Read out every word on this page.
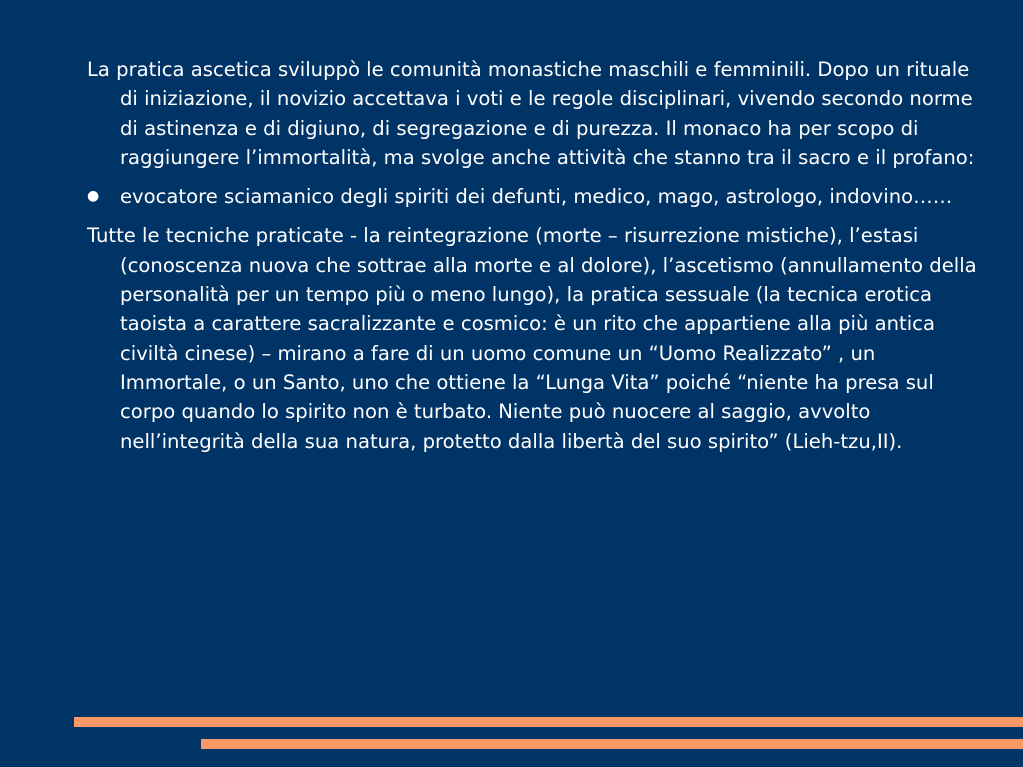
La pratica ascetica sviluppò le comunità monastiche maschili e femminili. Dopo un rituale di iniziazione, il novizio accettava i voti e le regole disciplinari, vivendo secondo norme di astinenza e di digiuno, di segregazione e di purezza. Il monaco ha per scopo di raggiungere l’immortalità, ma svolge anche attività che stanno tra il sacro e il profano:

●	evocatore sciamanico degli spiriti dei defunti, medico, mago, astrologo, indovino……

Tutte le tecniche praticate - la reintegrazione (morte – risurrezione mistiche), l’estasi (conoscenza nuova che sottrae alla morte e al dolore), l’ascetismo (annullamento della personalità per un tempo più o meno lungo), la pratica sessuale (la tecnica erotica taoista a carattere sacralizzante e cosmico: è un rito che appartiene alla più antica civiltà cinese) – mirano a fare di un uomo comune un “Uomo Realizzato” , un Immortale, o un Santo, uno che ottiene la “Lunga Vita” poiché “niente ha presa sul corpo quando lo spirito non è turbato. Niente può nuocere al saggio, avvolto nell’integrità della sua natura, protetto dalla libertà del suo spirito” (Lieh-tzu,II).
